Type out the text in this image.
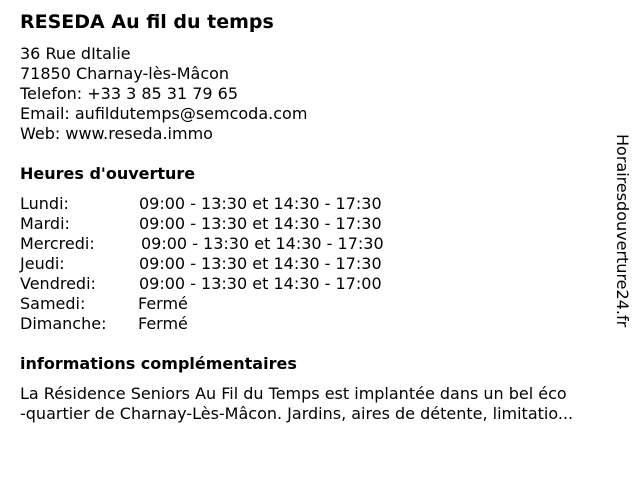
RESEDA Au fil du temps
36 Rue dItalie
71850 Charnay-lès-Mâcon
Telefon: +33 3 85 31 79 65
Email: aufildutemps@semcoda.com
Web: www.reseda.immo
Heures d'ouverture
Lundi:	09:00 - 13:30 et 14:30 - 17:30
Mardi:	09:00 - 13:30 et 14:30 - 17:30
Mercredi:	09:00 - 13:30 et 14:30 - 17:30
Jeudi:	09:00 - 13:30 et 14:30 - 17:30
Vendredi:	09:00 - 13:30 et 14:30 - 17:00
Samedi:	Fermé
Dimanche: Fermé
informations complémentaires
La Résidence Seniors Au Fil du Temps est implantée dans un bel éco
-quartier de Charnay-Lès-Mâcon. Jardins, aires de détente, limitatio...
Horairesdouverture24.fr
